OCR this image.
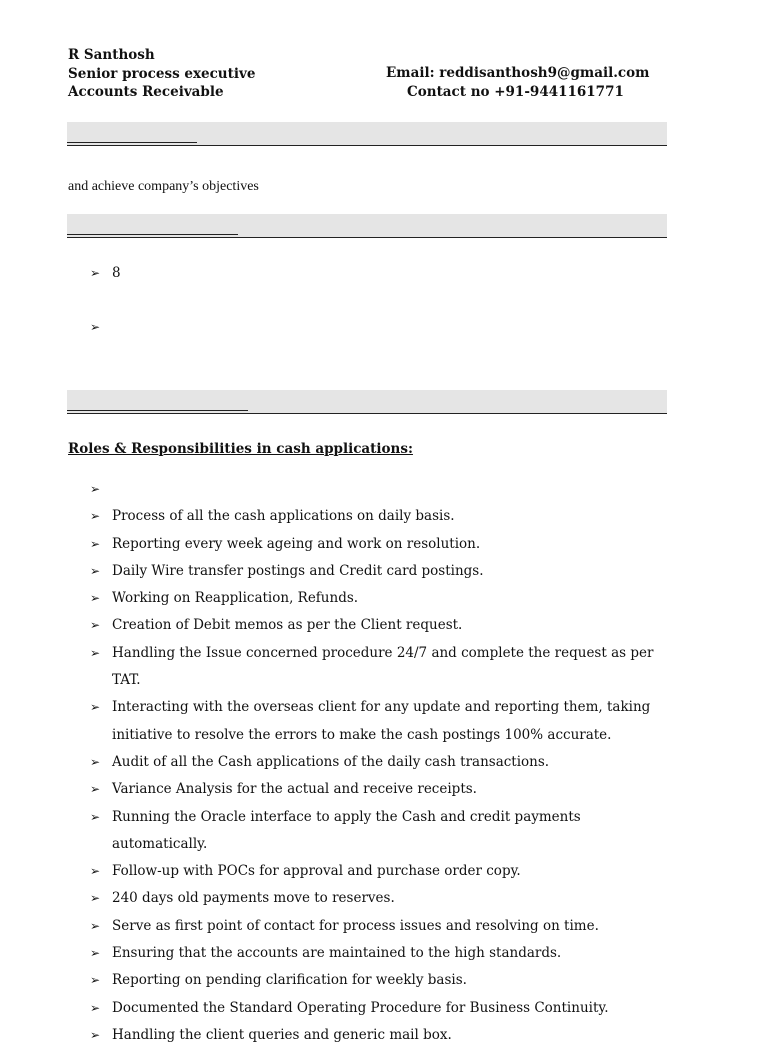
R Santhosh
Senior process executive
Accounts Receivable
Email: reddisanthosh9@gmail.com
Contact no +91-9441161771
and achieve company’s objectives
➢ 8
➢
Roles & Responsibilities in cash applications:
➢
➢ Process of all the cash applications on daily basis.
➢ Reporting every week ageing and work on resolution.
➢ Daily Wire transfer postings and Credit card postings.
➢ Working on Reapplication, Refunds.
➢ Creation of Debit memos as per the Client request.
➢ Handling the Issue concerned procedure 24/7 and complete the request as per TAT.
➢ Interacting with the overseas client for any update and reporting them, taking initiative to resolve the errors to make the cash postings 100% accurate.
➢ Audit of all the Cash applications of the daily cash transactions.
➢ Variance Analysis for the actual and receive receipts.
➢ Running the Oracle interface to apply the Cash and credit payments automatically.
➢ Follow-up with POCs for approval and purchase order copy.
➢ 240 days old payments move to reserves.
➢ Serve as first point of contact for process issues and resolving on time.
➢ Ensuring that the accounts are maintained to the high standards.
➢ Reporting on pending clarification for weekly basis.
➢ Documented the Standard Operating Procedure for Business Continuity.
➢ Handling the client queries and generic mail box.
